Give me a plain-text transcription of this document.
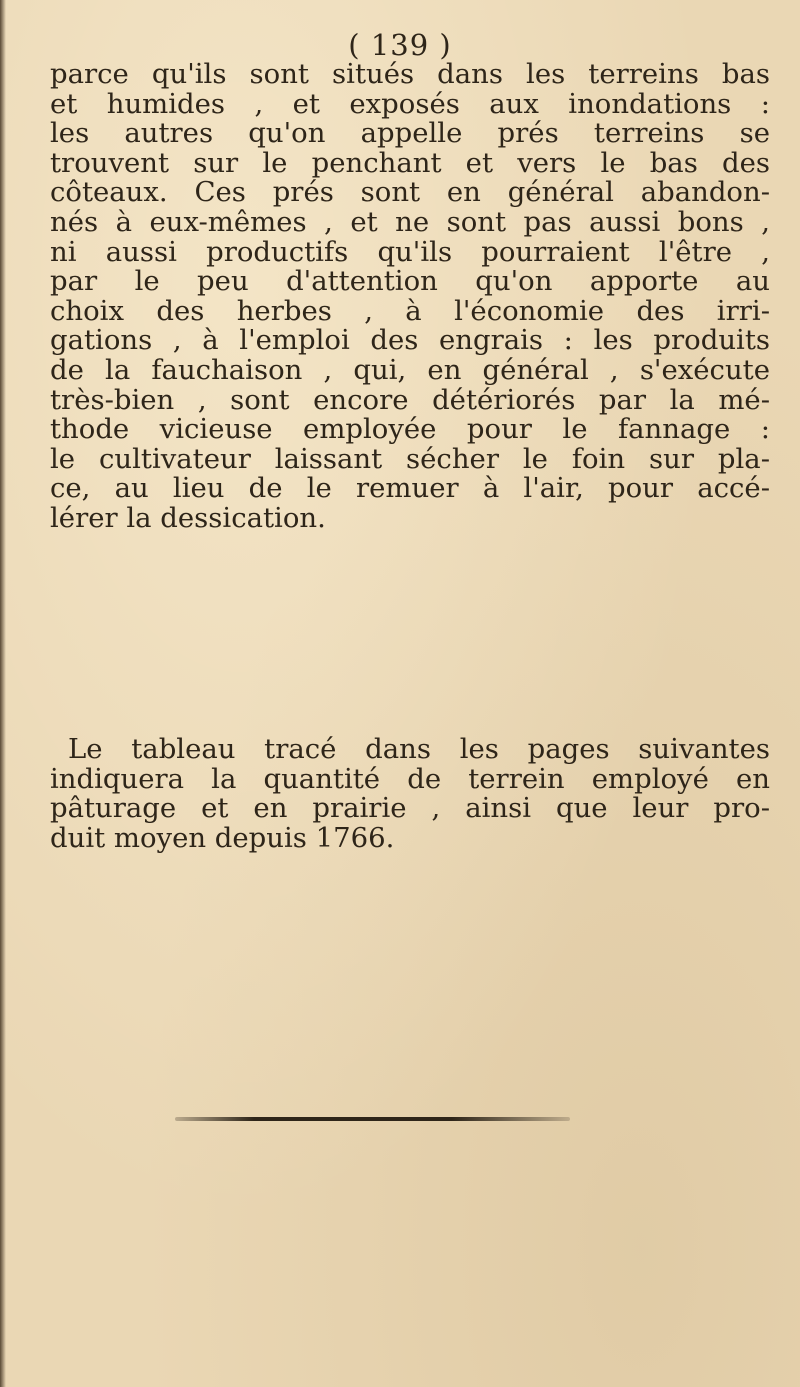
( 139 )
parce qu'ils sont situés dans les terreins bas
et humides , et exposés aux inondations :
les autres qu'on appelle prés terreins se
trouvent sur le penchant et vers le bas des
côteaux. Ces prés sont en général abandon-
nés à eux-mêmes , et ne sont pas aussi bons ,
ni aussi productifs qu'ils pourraient l'être ,
par le peu d'attention qu'on apporte au
choix des herbes , à l'économie des irri-
gations , à l'emploi des engrais : les produits
de la fauchaison , qui, en général , s'exécute
très-bien , sont encore détériorés par la mé-
thode vicieuse employée pour le fannage :
le cultivateur laissant sécher le foin sur pla-
ce, au lieu de le remuer à l'air, pour accé-
lérer la dessication.
Le tableau tracé dans les pages suivantes
indiquera la quantité de terrein employé en
pâturage et en prairie , ainsi que leur pro-
duit moyen depuis 1766.
